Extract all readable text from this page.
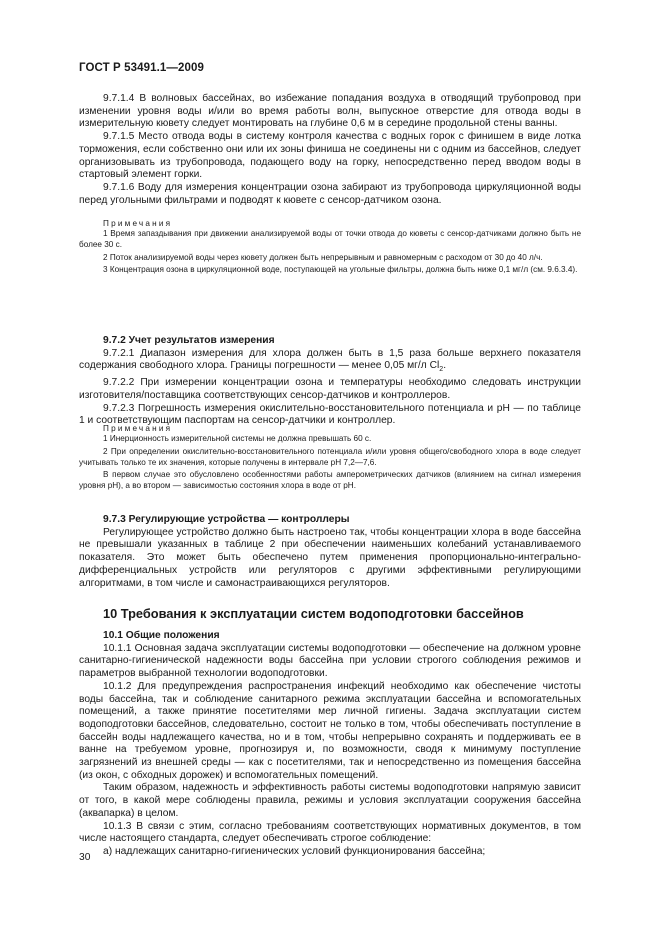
ГОСТ Р 53491.1—2009

9.7.1.4 В волновых бассейнах, во избежание попадания воздуха в отводящий трубопровод при изменении уровня воды и/или во время работы волн, выпускное отверстие для отвода воды в измерительную кювету следует монтировать на глубине 0,6 м в середине продольной стены ванны.

9.7.1.5 Место отвода воды в систему контроля качества с водных горок с финишем в виде лотка торможения, если собственно они или их зоны финиша не соединены ни с одним из бассейнов, следует организовывать из трубопровода, подающего воду на горку, непосредственно перед вводом воды в стартовый элемент горки.

9.7.1.6 Воду для измерения концентрации озона забирают из трубопровода циркуляционной воды перед угольными фильтрами и подводят к кювете с сенсор-датчиком озона.

Примечания

1 Время запаздывания при движении анализируемой воды от точки отвода до кюветы с сенсор-датчиками должно быть не более 30 с.

2 Поток анализируемой воды через кювету должен быть непрерывным и равномерным с расходом от 30 до 40 л/ч.

3 Концентрация озона в циркуляционной воде, поступающей на угольные фильтры, должна быть ниже 0,1 мг/л (см. 9.6.3.4).

9.7.2 Учет результатов измерения

9.7.2.1 Диапазон измерения для хлора должен быть в 1,5 раза больше верхнего показателя содержания свободного хлора. Границы погрешности — менее 0,05 мг/л $Cl_2$.

9.7.2.2 При измерении концентрации озона и температуры необходимо следовать инструкции изготовителя/поставщика соответствующих сенсор-датчиков и контроллеров.

9.7.2.3 Погрешность измерения окислительно-восстановительного потенциала и pH — по таблице 1 и соответствующим паспортам на сенсор-датчики и контроллер.

Примечания

1 Инерционность измерительной системы не должна превышать 60 с.

2 При определении окислительно-восстановительного потенциала и/или уровня общего/свободного хлора в воде следует учитывать только те их значения, которые получены в интервале pH 7,2—7,6.

В первом случае это обусловлено особенностями работы амперометрических датчиков (влиянием на сигнал измерения уровня pH), а во втором — зависимостью состояния хлора в воде от pH.

9.7.3 Регулирующие устройства — контроллеры

Регулирующее устройство должно быть настроено так, чтобы концентрации хлора в воде бассейна не превышали указанных в таблице 2 при обеспечении наименьших колебаний устанавливаемого показателя. Это может быть обеспечено путем применения пропорционально-интегрально-дифференциальных устройств или регуляторов с другими эффективными регулирующими алгоритмами, в том числе и самонастраивающихся регуляторов.

10 Требования к эксплуатации систем водоподготовки бассейнов

10.1 Общие положения

10.1.1 Основная задача эксплуатации системы водоподготовки — обеспечение на должном уровне санитарно-гигиенической надежности воды бассейна при условии строгого соблюдения режимов и параметров выбранной технологии водоподготовки.

10.1.2 Для предупреждения распространения инфекций необходимо как обеспечение чистоты воды бассейна, так и соблюдение санитарного режима эксплуатации бассейна и вспомогательных помещений, а также принятие посетителями мер личной гигиены. Задача эксплуатации систем водоподготовки бассейнов, следовательно, состоит не только в том, чтобы обеспечивать поступление в бассейн воды надлежащего качества, но и в том, чтобы непрерывно сохранять и поддерживать ее в ванне на требуемом уровне, прогнозируя и, по возможности, сводя к минимуму поступление загрязнений из внешней среды — как с посетителями, так и непосредственно из помещения бассейна (из окон, с обходных дорожек) и вспомогательных помещений.

Таким образом, надежность и эффективность работы системы водоподготовки напрямую зависит от того, в какой мере соблюдены правила, режимы и условия эксплуатации сооружения бассейна (аквапарка) в целом.

10.1.3 В связи с этим, согласно требованиям соответствующих нормативных документов, в том числе настоящего стандарта, следует обеспечивать строгое соблюдение:

а) надлежащих санитарно-гигиенических условий функционирования бассейна;

30
